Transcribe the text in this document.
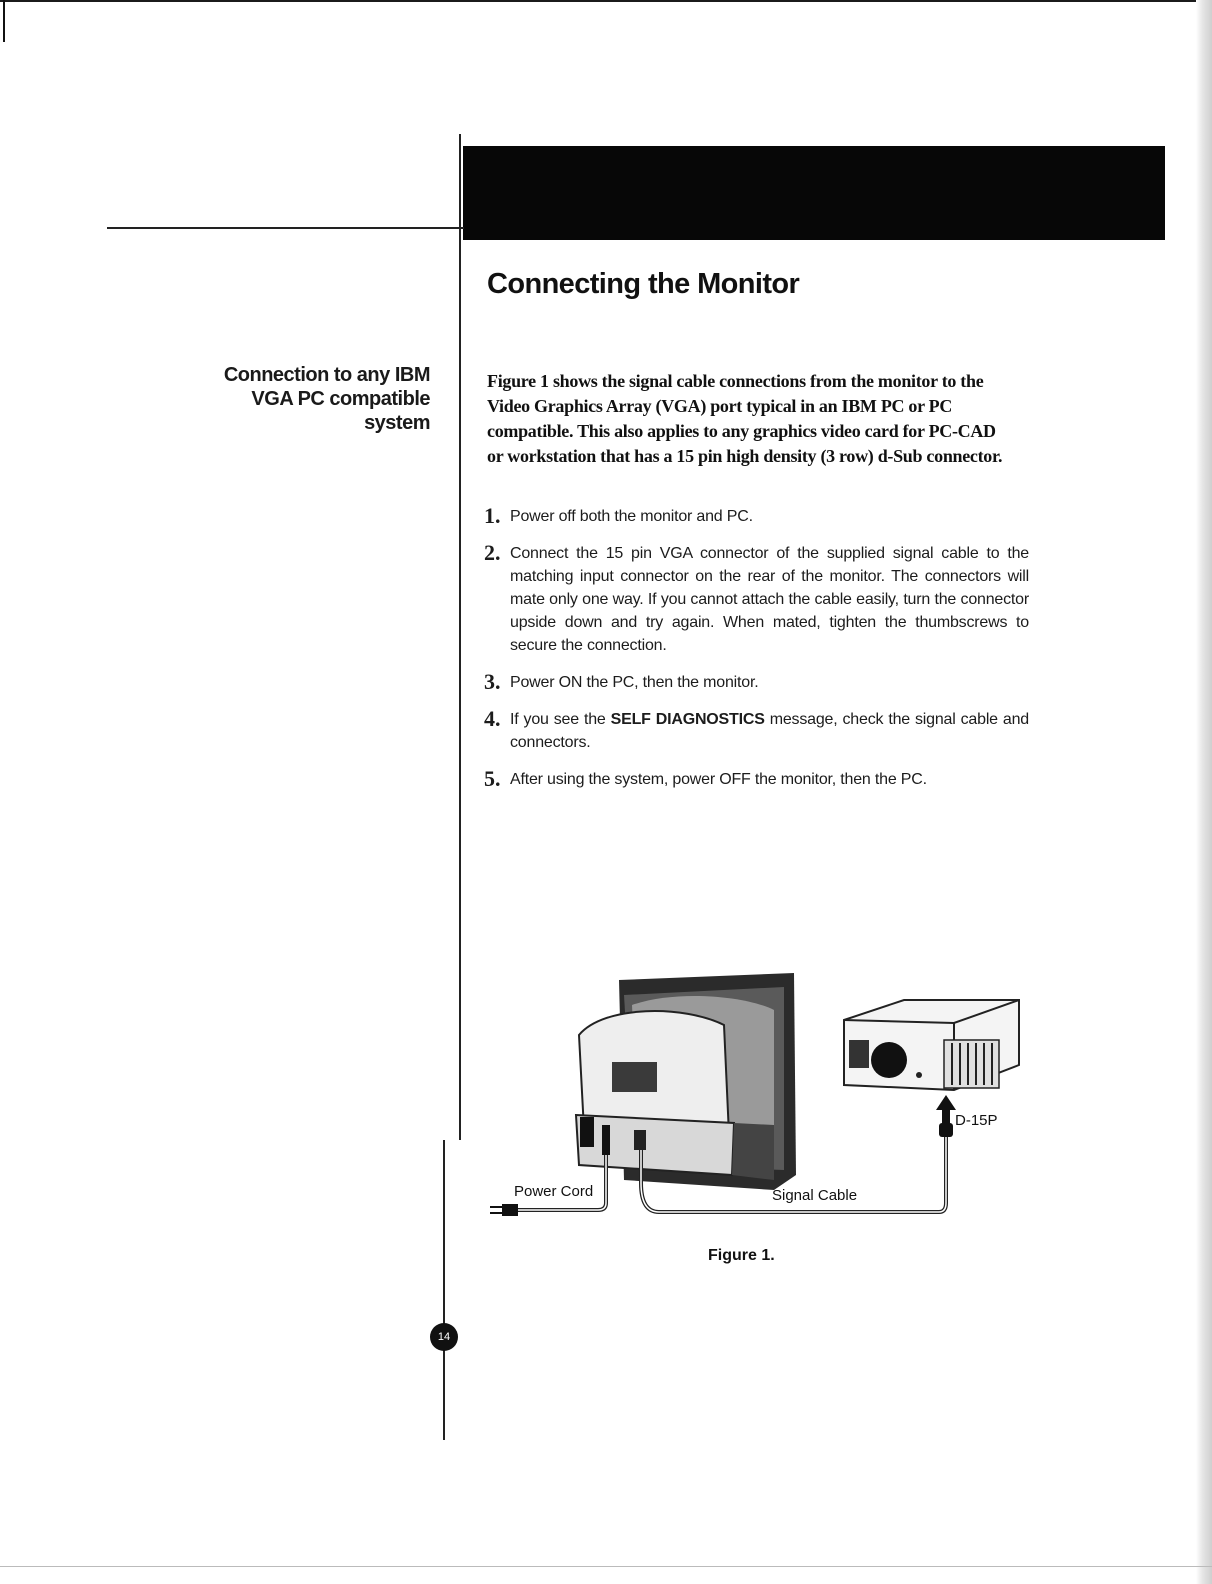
14
Connecting the Monitor
Connection to any IBM
VGA PC compatible
system

Figure 1 shows the signal cable connections from the monitor to the
Video Graphics Array (VGA) port typical in an IBM PC or PC
compatible. This also applies to any graphics video card for PC-CAD
or workstation that has a 15 pin high density (3 row) d-Sub connector.

1. Power off both the monitor and PC.
2. Connect the 15 pin VGA connector of the supplied signal cable to the matching input connector on the rear of the monitor. The connectors will mate only one way. If you cannot attach the cable easily, turn the connector upside down and try again. When mated, tighten the thumbscrews to secure the connection.
3. Power ON the PC, then the monitor.
4. If you see the SELF DIAGNOSTICS message, check the signal cable and connectors.
5. After using the system, power OFF the monitor, then the PC.
Power Cord	Signal Cable
D-15P

Figure 1.
